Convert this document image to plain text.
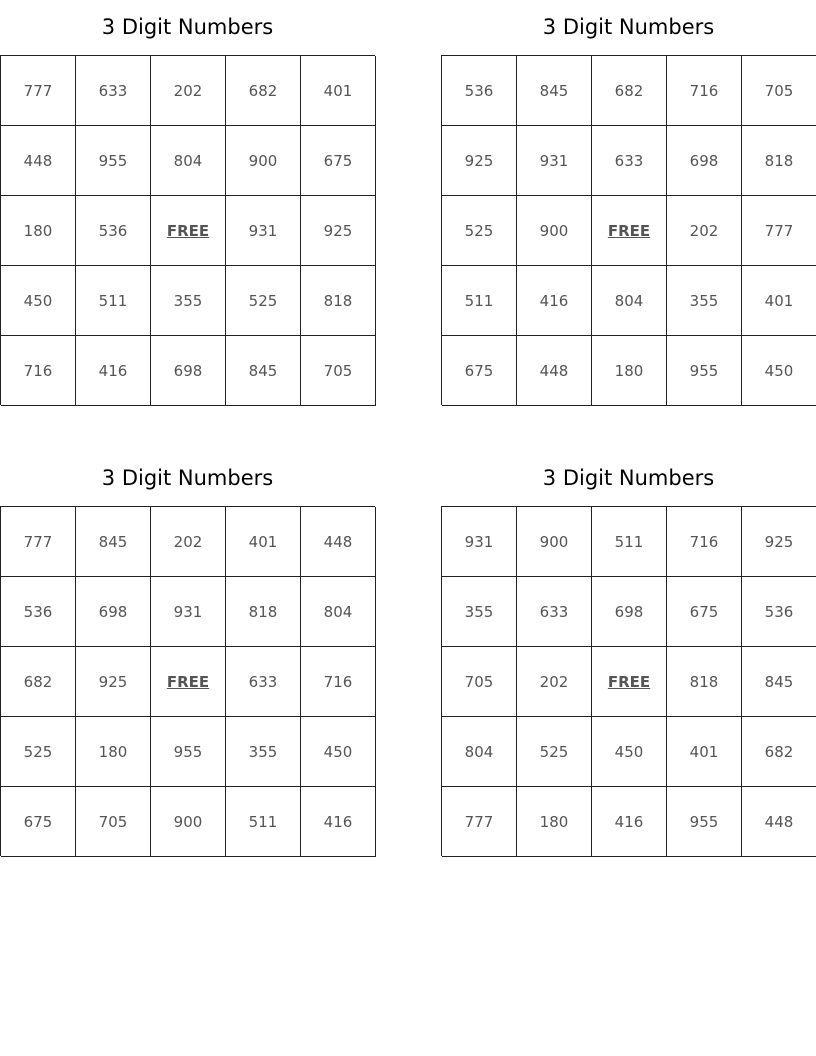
3 Digit Numbers
777	633	202	682	401
448	955	804	900	675
180	536	FREE	931	925
450	511	355	525	818
716	416	698	845	705
3 Digit Numbers
536	845	682	716	705
925	931	633	698	818
525	900	FREE	202	777
511	416	804	355	401
675	448	180	955	450
3 Digit Numbers
777	845	202	401	448
536	698	931	818	804
682	925	FREE	633	716
525	180	955	355	450
675	705	900	511	416
3 Digit Numbers
931	900	511	716	925
355	633	698	675	536
705	202	FREE	818	845
804	525	450	401	682
777	180	416	955	448
